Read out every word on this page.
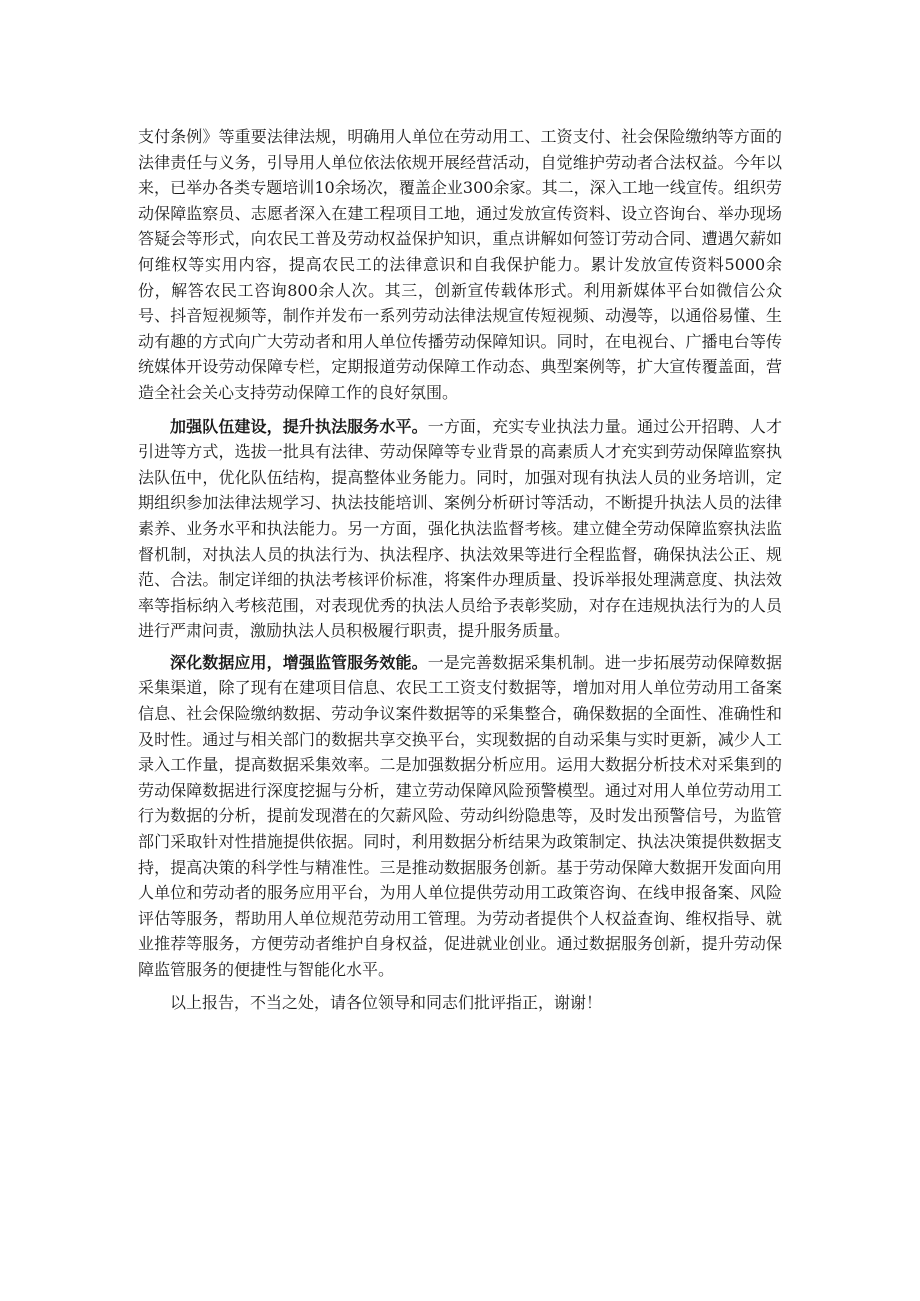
支付条例》等重要法律法规，明确用人单位在劳动用工、工资支付、社会保险缴纳等方面的法律责任与义务，引导用人单位依法依规开展经营活动，自觉维护劳动者合法权益。今年以来，已举办各类专题培训10余场次，覆盖企业300余家。其二，深入工地一线宣传。组织劳动保障监察员、志愿者深入在建工程项目工地，通过发放宣传资料、设立咨询台、举办现场答疑会等形式，向农民工普及劳动权益保护知识，重点讲解如何签订劳动合同、遭遇欠薪如何维权等实用内容，提高农民工的法律意识和自我保护能力。累计发放宣传资料5000余份，解答农民工咨询800余人次。其三，创新宣传载体形式。利用新媒体平台如微信公众号、抖音短视频等，制作并发布一系列劳动法律法规宣传短视频、动漫等，以通俗易懂、生动有趣的方式向广大劳动者和用人单位传播劳动保障知识。同时，在电视台、广播电台等传统媒体开设劳动保障专栏，定期报道劳动保障工作动态、典型案例等，扩大宣传覆盖面，营造全社会关心支持劳动保障工作的良好氛围。

加强队伍建设，提升执法服务水平。一方面，充实专业执法力量。通过公开招聘、人才引进等方式，选拔一批具有法律、劳动保障等专业背景的高素质人才充实到劳动保障监察执法队伍中，优化队伍结构，提高整体业务能力。同时，加强对现有执法人员的业务培训，定期组织参加法律法规学习、执法技能培训、案例分析研讨等活动，不断提升执法人员的法律素养、业务水平和执法能力。另一方面，强化执法监督考核。建立健全劳动保障监察执法监督机制，对执法人员的执法行为、执法程序、执法效果等进行全程监督，确保执法公正、规范、合法。制定详细的执法考核评价标准，将案件办理质量、投诉举报处理满意度、执法效率等指标纳入考核范围，对表现优秀的执法人员给予表彰奖励，对存在违规执法行为的人员进行严肃问责，激励执法人员积极履行职责，提升服务质量。

深化数据应用，增强监管服务效能。一是完善数据采集机制。进一步拓展劳动保障数据采集渠道，除了现有在建项目信息、农民工工资支付数据等，增加对用人单位劳动用工备案信息、社会保险缴纳数据、劳动争议案件数据等的采集整合，确保数据的全面性、准确性和及时性。通过与相关部门的数据共享交换平台，实现数据的自动采集与实时更新，减少人工录入工作量，提高数据采集效率。二是加强数据分析应用。运用大数据分析技术对采集到的劳动保障数据进行深度挖掘与分析，建立劳动保障风险预警模型。通过对用人单位劳动用工行为数据的分析，提前发现潜在的欠薪风险、劳动纠纷隐患等，及时发出预警信号，为监管部门采取针对性措施提供依据。同时，利用数据分析结果为政策制定、执法决策提供数据支持，提高决策的科学性与精准性。三是推动数据服务创新。基于劳动保障大数据开发面向用人单位和劳动者的服务应用平台，为用人单位提供劳动用工政策咨询、在线申报备案、风险评估等服务，帮助用人单位规范劳动用工管理。为劳动者提供个人权益查询、维权指导、就业推荐等服务，方便劳动者维护自身权益，促进就业创业。通过数据服务创新，提升劳动保障监管服务的便捷性与智能化水平。

以上报告，不当之处，请各位领导和同志们批评指正，谢谢！
